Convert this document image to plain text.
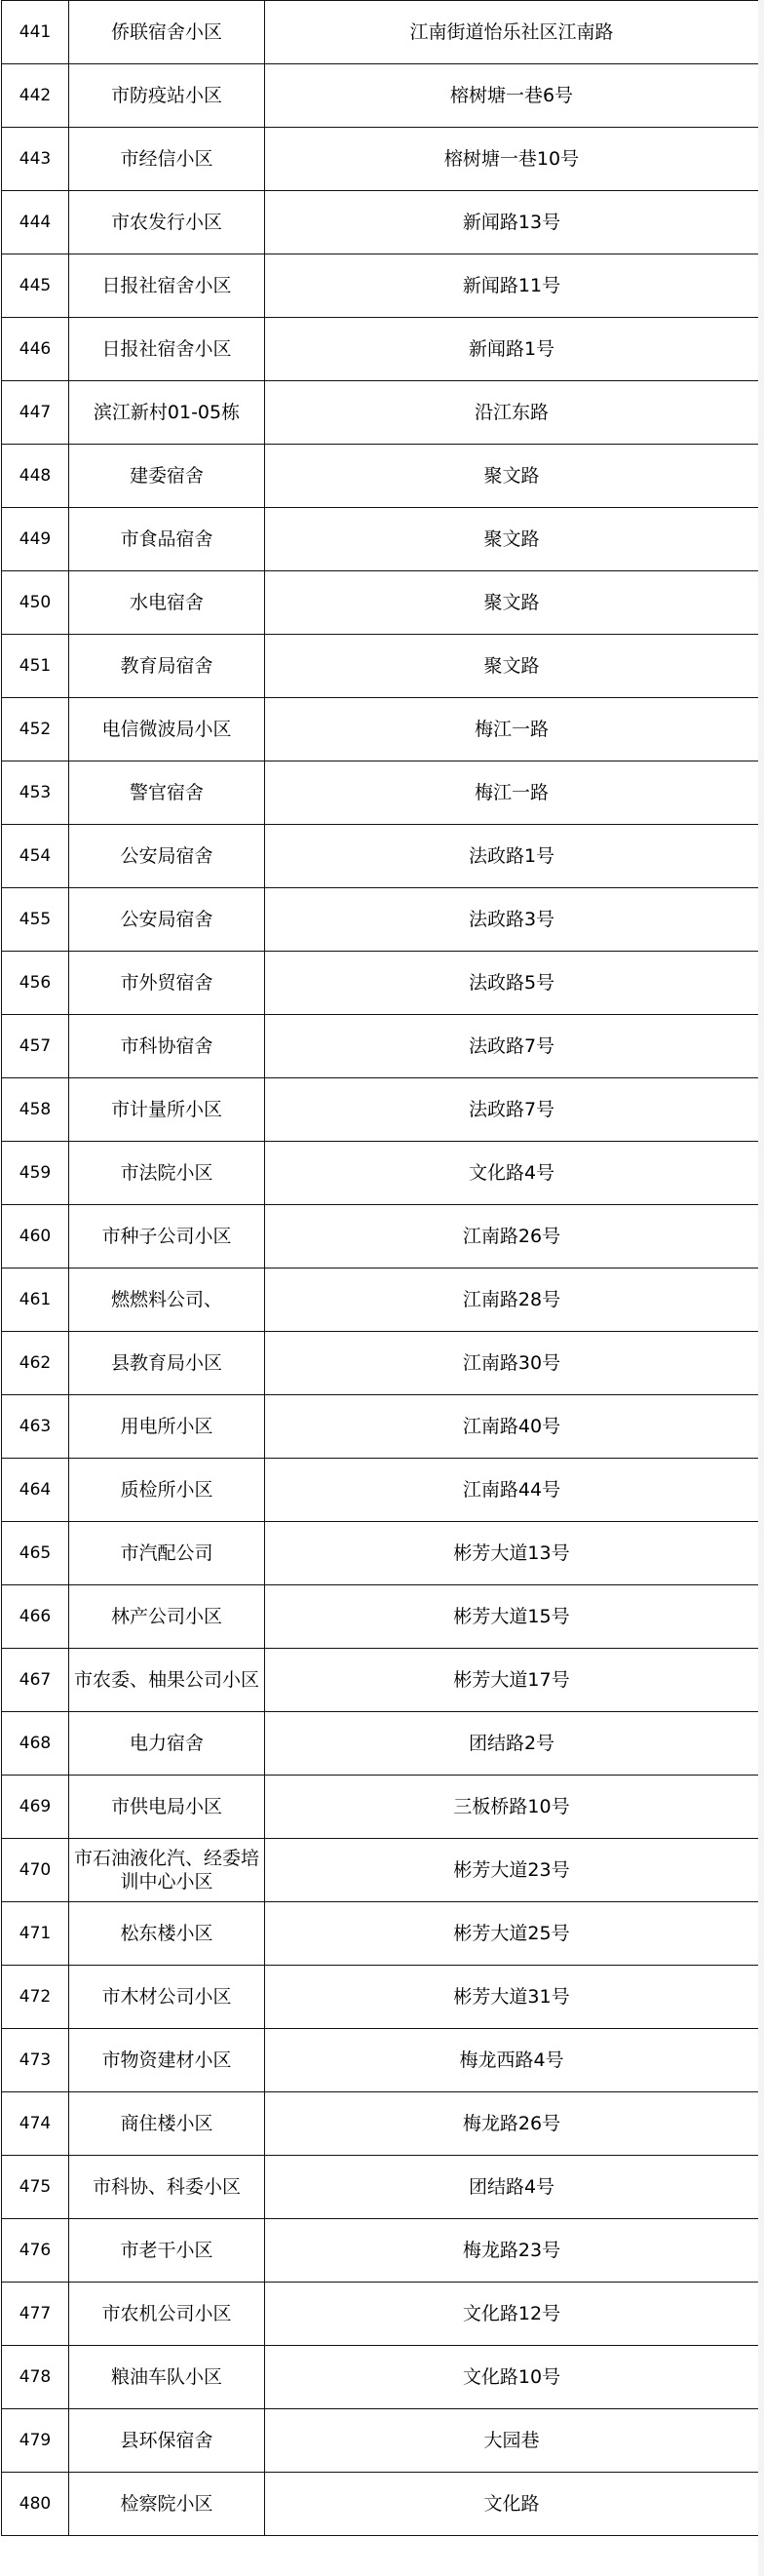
441	侨联宿舍小区	江南街道怡乐社区江南路
442	市防疫站小区	榕树塘一巷6号
443	市经信小区	榕树塘一巷10号
444	市农发行小区	新闻路13号
445	日报社宿舍小区	新闻路11号
446	日报社宿舍小区	新闻路1号
447	滨江新村01-05栋	沿江东路
448	建委宿舍	聚文路
449	市食品宿舍	聚文路
450	水电宿舍	聚文路
451	教育局宿舍	聚文路
452	电信微波局小区	梅江一路
453	警官宿舍	梅江一路
454	公安局宿舍	法政路1号
455	公安局宿舍	法政路3号
456	市外贸宿舍	法政路5号
457	市科协宿舍	法政路7号
458	市计量所小区	法政路7号
459	市法院小区	文化路4号
460	市种子公司小区	江南路26号
461	燃燃料公司、	江南路28号
462	县教育局小区	江南路30号
463	用电所小区	江南路40号
464	质检所小区	江南路44号
465	市汽配公司	彬芳大道13号
466	林产公司小区	彬芳大道15号
467	市农委、柚果公司小区	彬芳大道17号
468	电力宿舍	团结路2号
469	市供电局小区	三板桥路10号
470	市石油液化汽、经委培训中心小区	彬芳大道23号
471	松东楼小区	彬芳大道25号
472	市木材公司小区	彬芳大道31号
473	市物资建材小区	梅龙西路4号
474	商住楼小区	梅龙路26号
475	市科协、科委小区	团结路4号
476	市老干小区	梅龙路23号
477	市农机公司小区	文化路12号
478	粮油车队小区	文化路10号
479	县环保宿舍	大园巷
480	检察院小区	文化路
